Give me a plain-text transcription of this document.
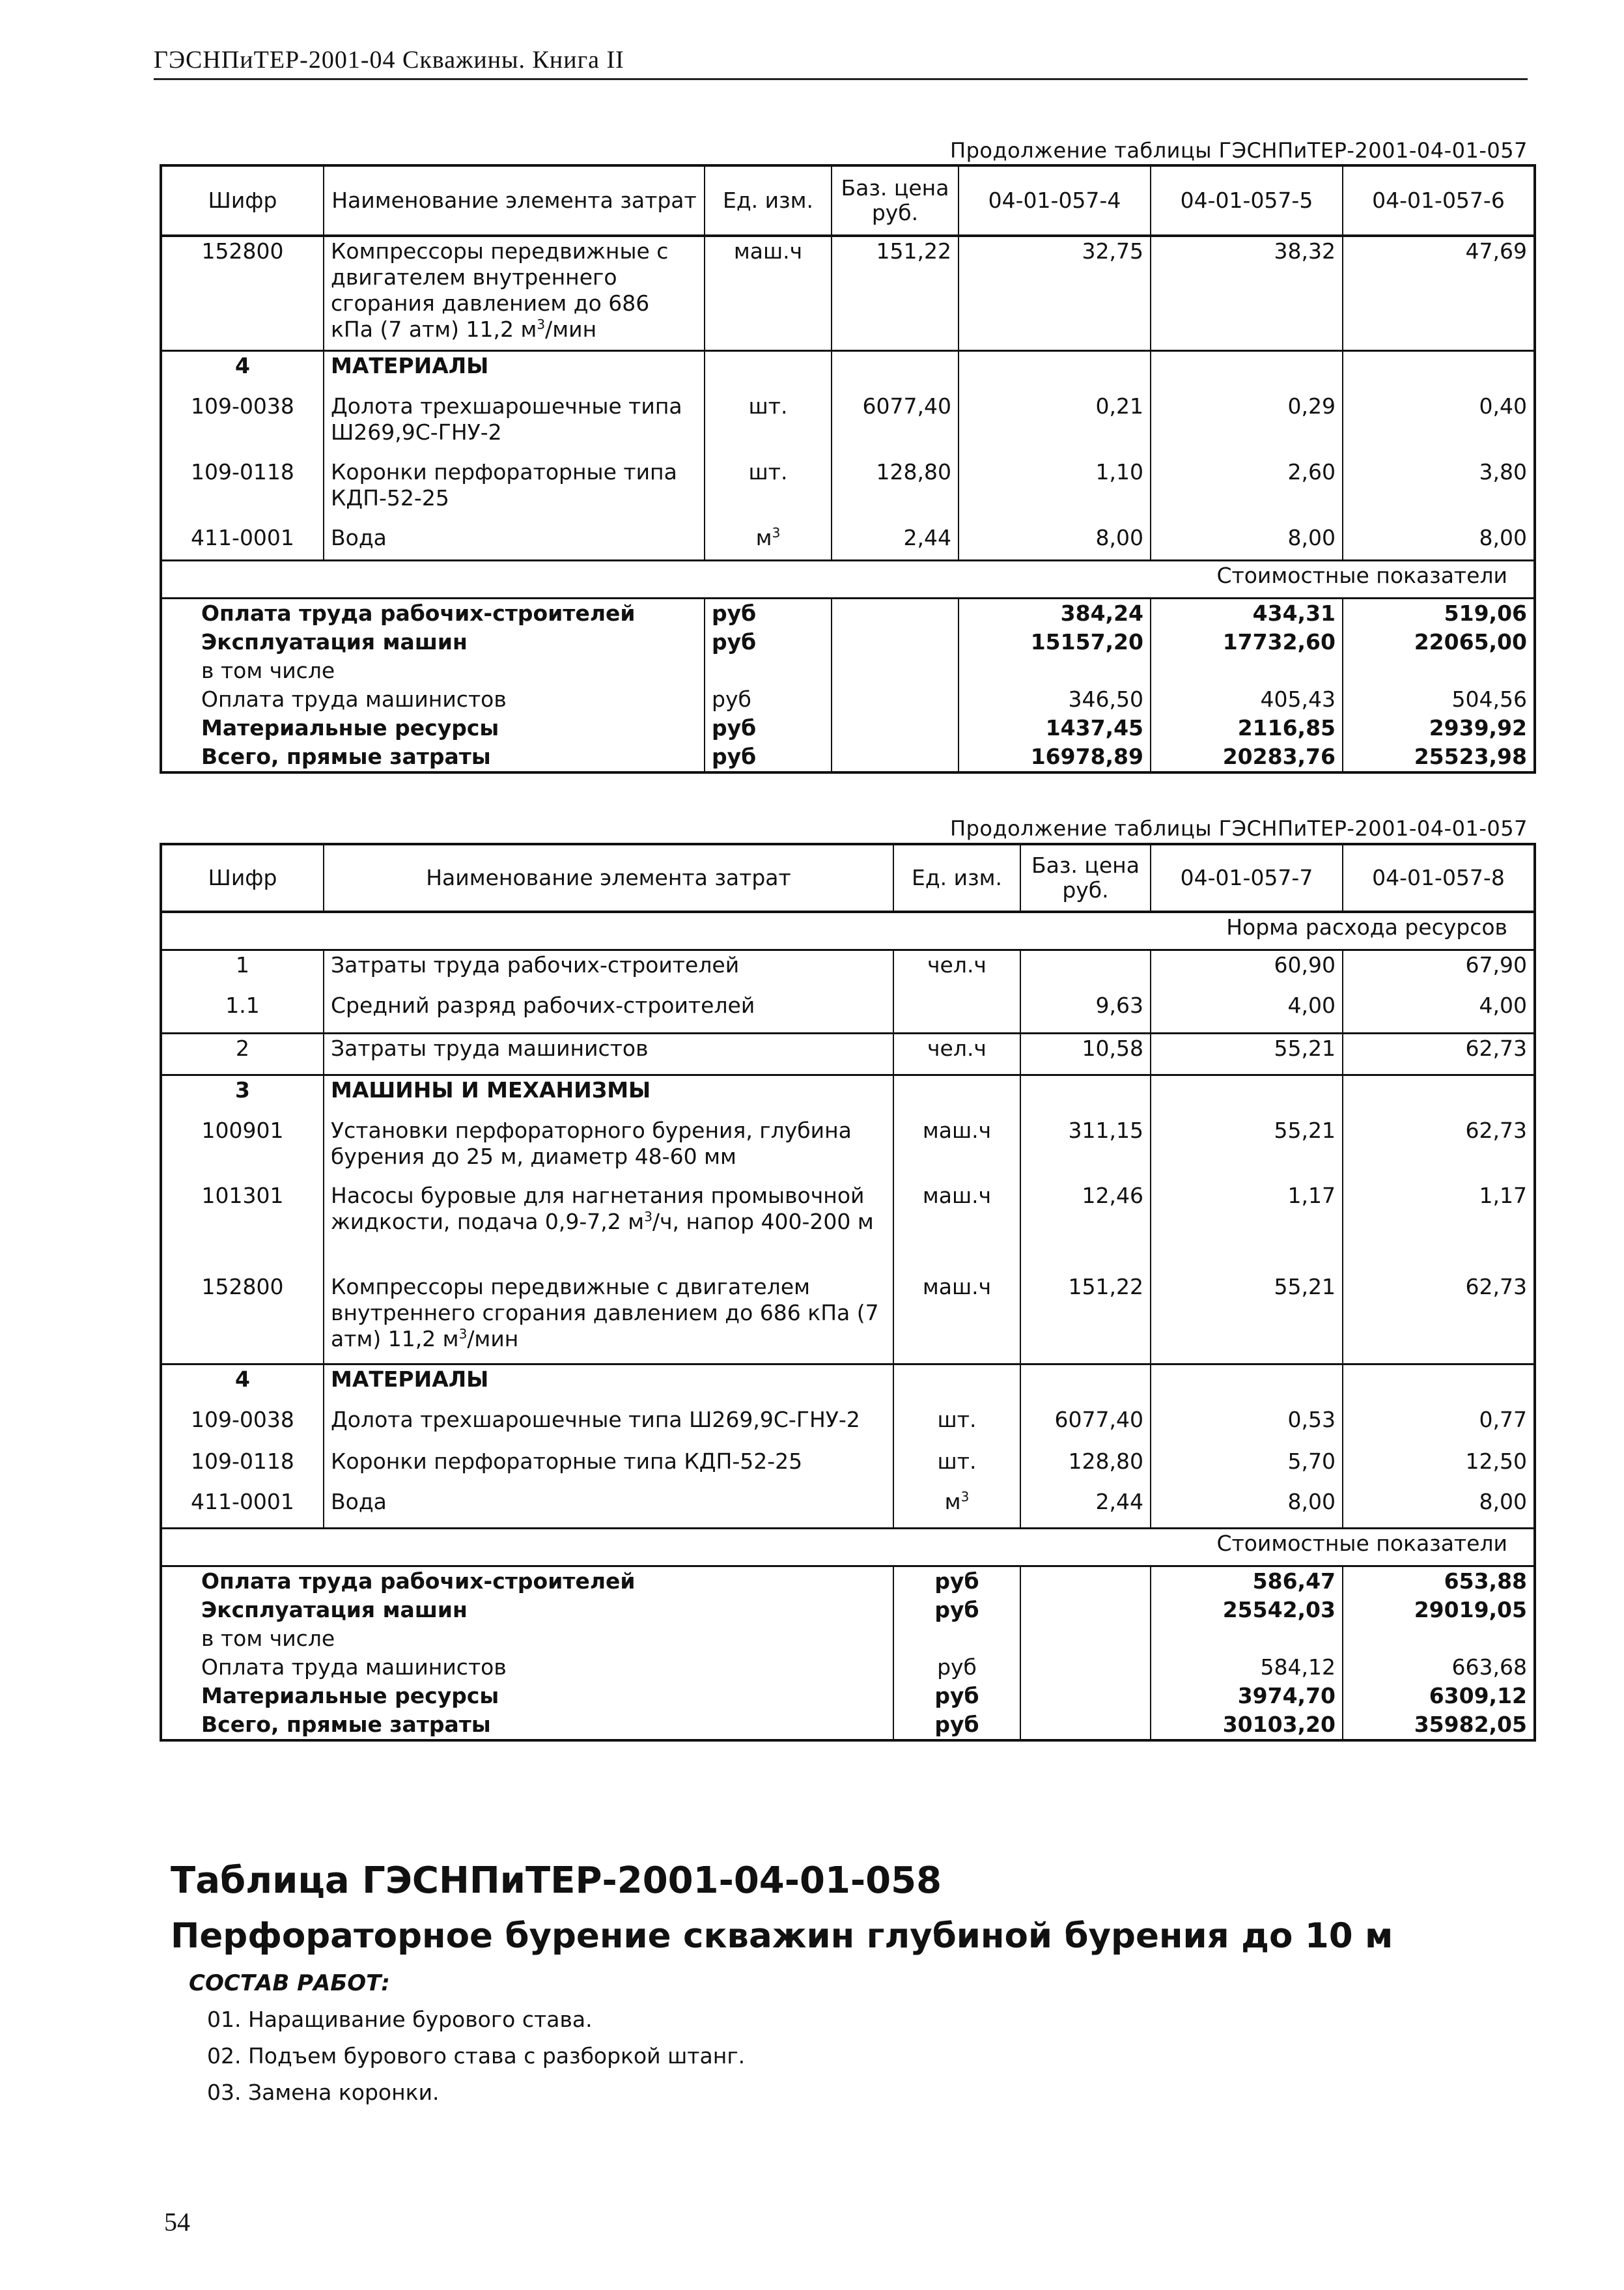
ГЭСНПиТЕР-2001-04 Скважины. Книга II
Продолжение таблицы ГЭСНПиТЕР-2001-04-01-057
Шифр	Наименование элемента затрат	Ед. изм.	Баз. цена руб.	04-01-057-4	04-01-057-5	04-01-057-6
152800	Компрессоры передвижные с двигателем внутреннего сгорания давлением до 686 кПа (7 атм) 11,2 $м^3$/мин	маш.ч	151,22	32,75	38,32	47,69
4	МАТЕРИАЛЫ					
109-0038	Долота трехшарошечные типа Ш269,9С-ГНУ-2	шт.	6077,40	0,21	0,29	0,40
109-0118	Коронки перфораторные типа КДП-52-25	шт.	128,80	1,10	2,60	3,80
411-0001	Вода	$м^3$	2,44	8,00	8,00	8,00
Стоимостные показатели						
Оплата труда рабочих-строителей		руб		384,24	434,31	519,06
Эксплуатация машин		руб		15157,20	17732,60	22065,00
в том числе						
Оплата труда машинистов		руб		346,50	405,43	504,56
Материальные ресурсы		руб		1437,45	2116,85	2939,92
Всего, прямые затраты		руб		16978,89	20283,76	25523,98
Продолжение таблицы ГЭСНПиТЕР-2001-04-01-057
Шифр	Наименование элемента затрат	Ед. изм.	Баз. цена руб.	04-01-057-7	04-01-057-8
Норма расхода ресурсов					
1	Затраты труда рабочих-строителей	чел.ч		60,90	67,90
1.1	Средний разряд рабочих-строителей		9,63	4,00	4,00
2	Затраты труда машинистов	чел.ч	10,58	55,21	62,73
3	МАШИНЫ И МЕХАНИЗМЫ				
100901	Установки перфораторного бурения, глубина бурения до 25 м, диаметр 48-60 мм	маш.ч	311,15	55,21	62,73
101301	Насосы буровые для нагнетания промывочной жидкости, подача 0,9-7,2 $м^3/ч$, напор 400-200 м	маш.ч	12,46	1,17	1,17
152800	Компрессоры передвижные с двигателем внутреннего сгорания давлением до 686 кПа (7 атм) 11,2 $м^3$/мин	маш.ч	151,22	55,21	62,73
4	МАТЕРИАЛЫ				
109-0038	Долота трехшарошечные типа Ш269,9С-ГНУ-2	шт.	6077,40	0,53	0,77
109-0118	Коронки перфораторные типа КДП-52-25	шт.	128,80	5,70	12,50
411-0001	Вода	$м^3$	2,44	8,00	8,00
Стоимостные показатели					
Оплата труда рабочих-строителей		руб		586,47	653,88
Эксплуатация машин		руб		25542,03	29019,05
в том числе					
Оплата труда машинистов		руб		584,12	663,68
Материальные ресурсы		руб		3974,70	6309,12
Всего, прямые затраты		руб		30103,20	35982,05
Таблица ГЭСНПиТЕР-2001-04-01-058
Перфораторное бурение скважин глубиной бурения до 10 м
СОСТАВ РАБОТ:
01. Наращивание бурового става.
02. Подъем бурового става с разборкой штанг.
03. Замена коронки.
54
